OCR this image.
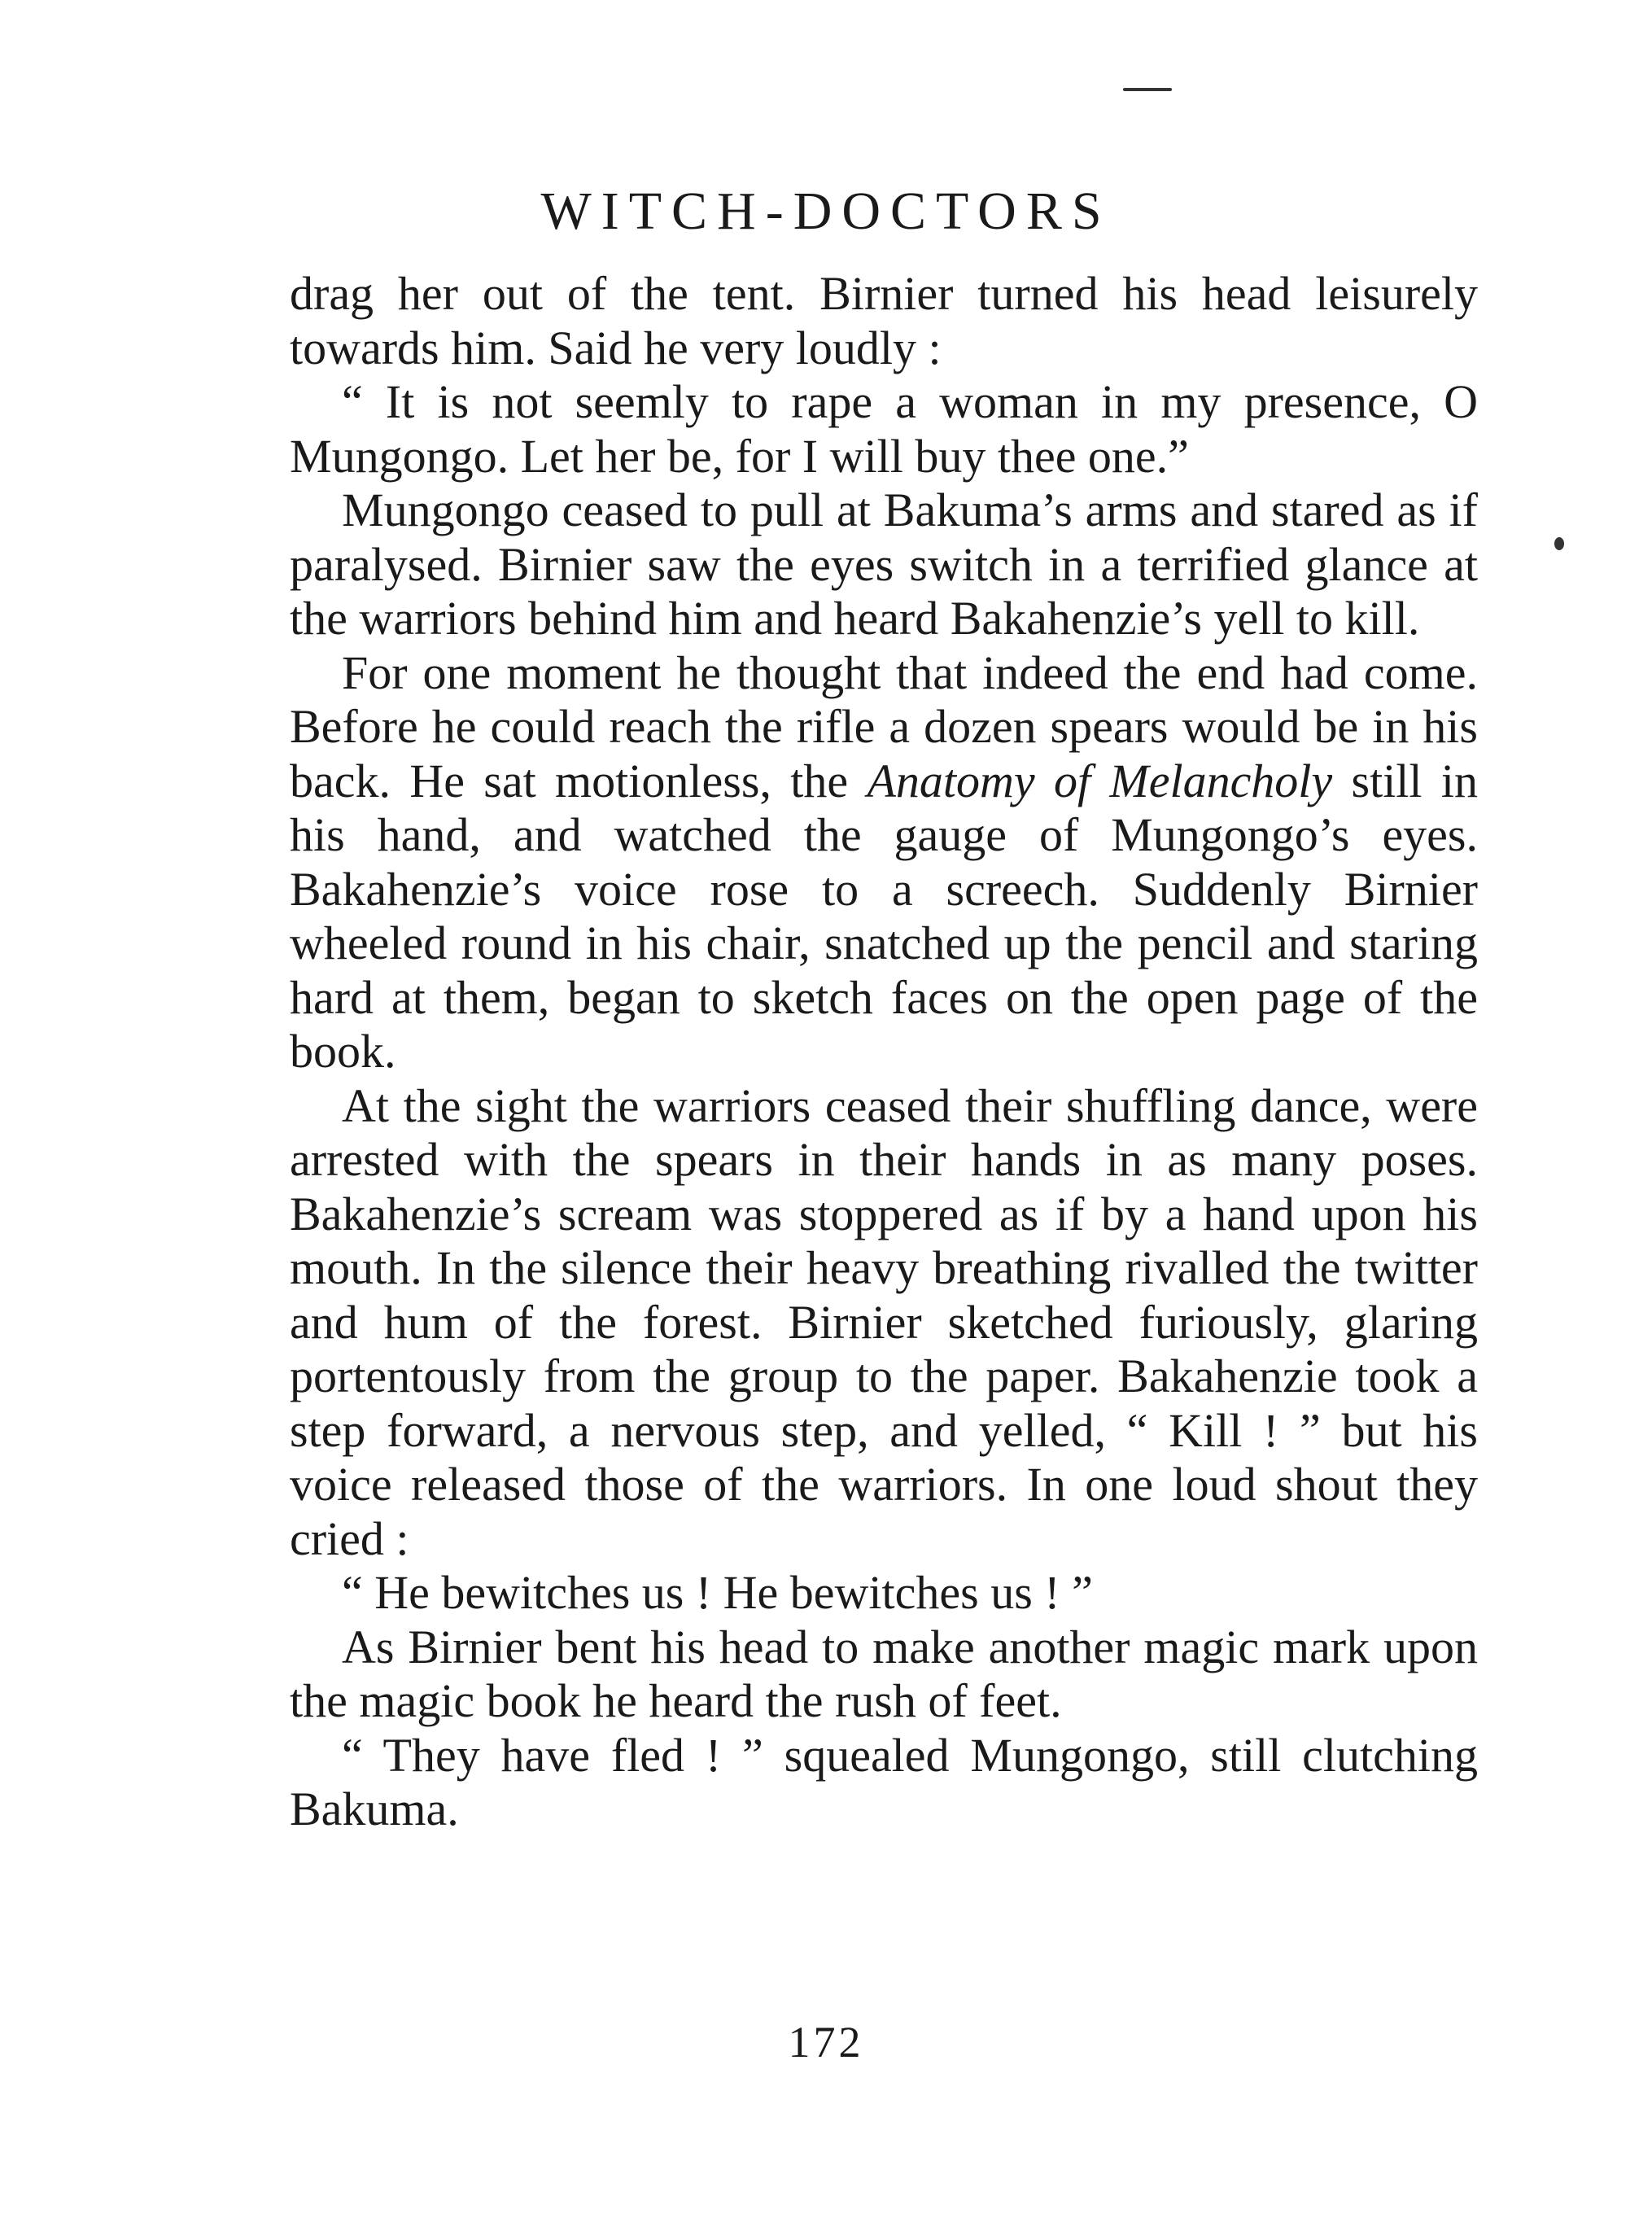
WITCH-DOCTORS

drag her out of the tent. Birnier turned his head leisurely towards him. Said he very loudly :

“ It is not seemly to rape a woman in my presence, O Mungongo. Let her be, for I will buy thee one.”

Mungongo ceased to pull at Bakuma’s arms and stared as if paralysed. Birnier saw the eyes switch in a terrified glance at the warriors behind him and heard Bakahenzie’s yell to kill.

For one moment he thought that indeed the end had come. Before he could reach the rifle a dozen spears would be in his back. He sat motionless, the Anatomy of Melancholy still in his hand, and watched the gauge of Mungongo’s eyes. Bakahenzie’s voice rose to a screech. Suddenly Birnier wheeled round in his chair, snatched up the pencil and staring hard at them, began to sketch faces on the open page of the book.

At the sight the warriors ceased their shuffling dance, were arrested with the spears in their hands in as many poses. Bakahenzie’s scream was stoppered as if by a hand upon his mouth. In the silence their heavy breathing rivalled the twitter and hum of the forest. Birnier sketched furiously, glaring portentously from the group to the paper. Bakahenzie took a step forward, a nervous step, and yelled, “ Kill ! ” but his voice released those of the warriors. In one loud shout they cried :

“ He bewitches us ! He bewitches us ! ”

As Birnier bent his head to make another magic mark upon the magic book he heard the rush of feet.

“ They have fled ! ” squealed Mungongo, still clutching Bakuma.

172
